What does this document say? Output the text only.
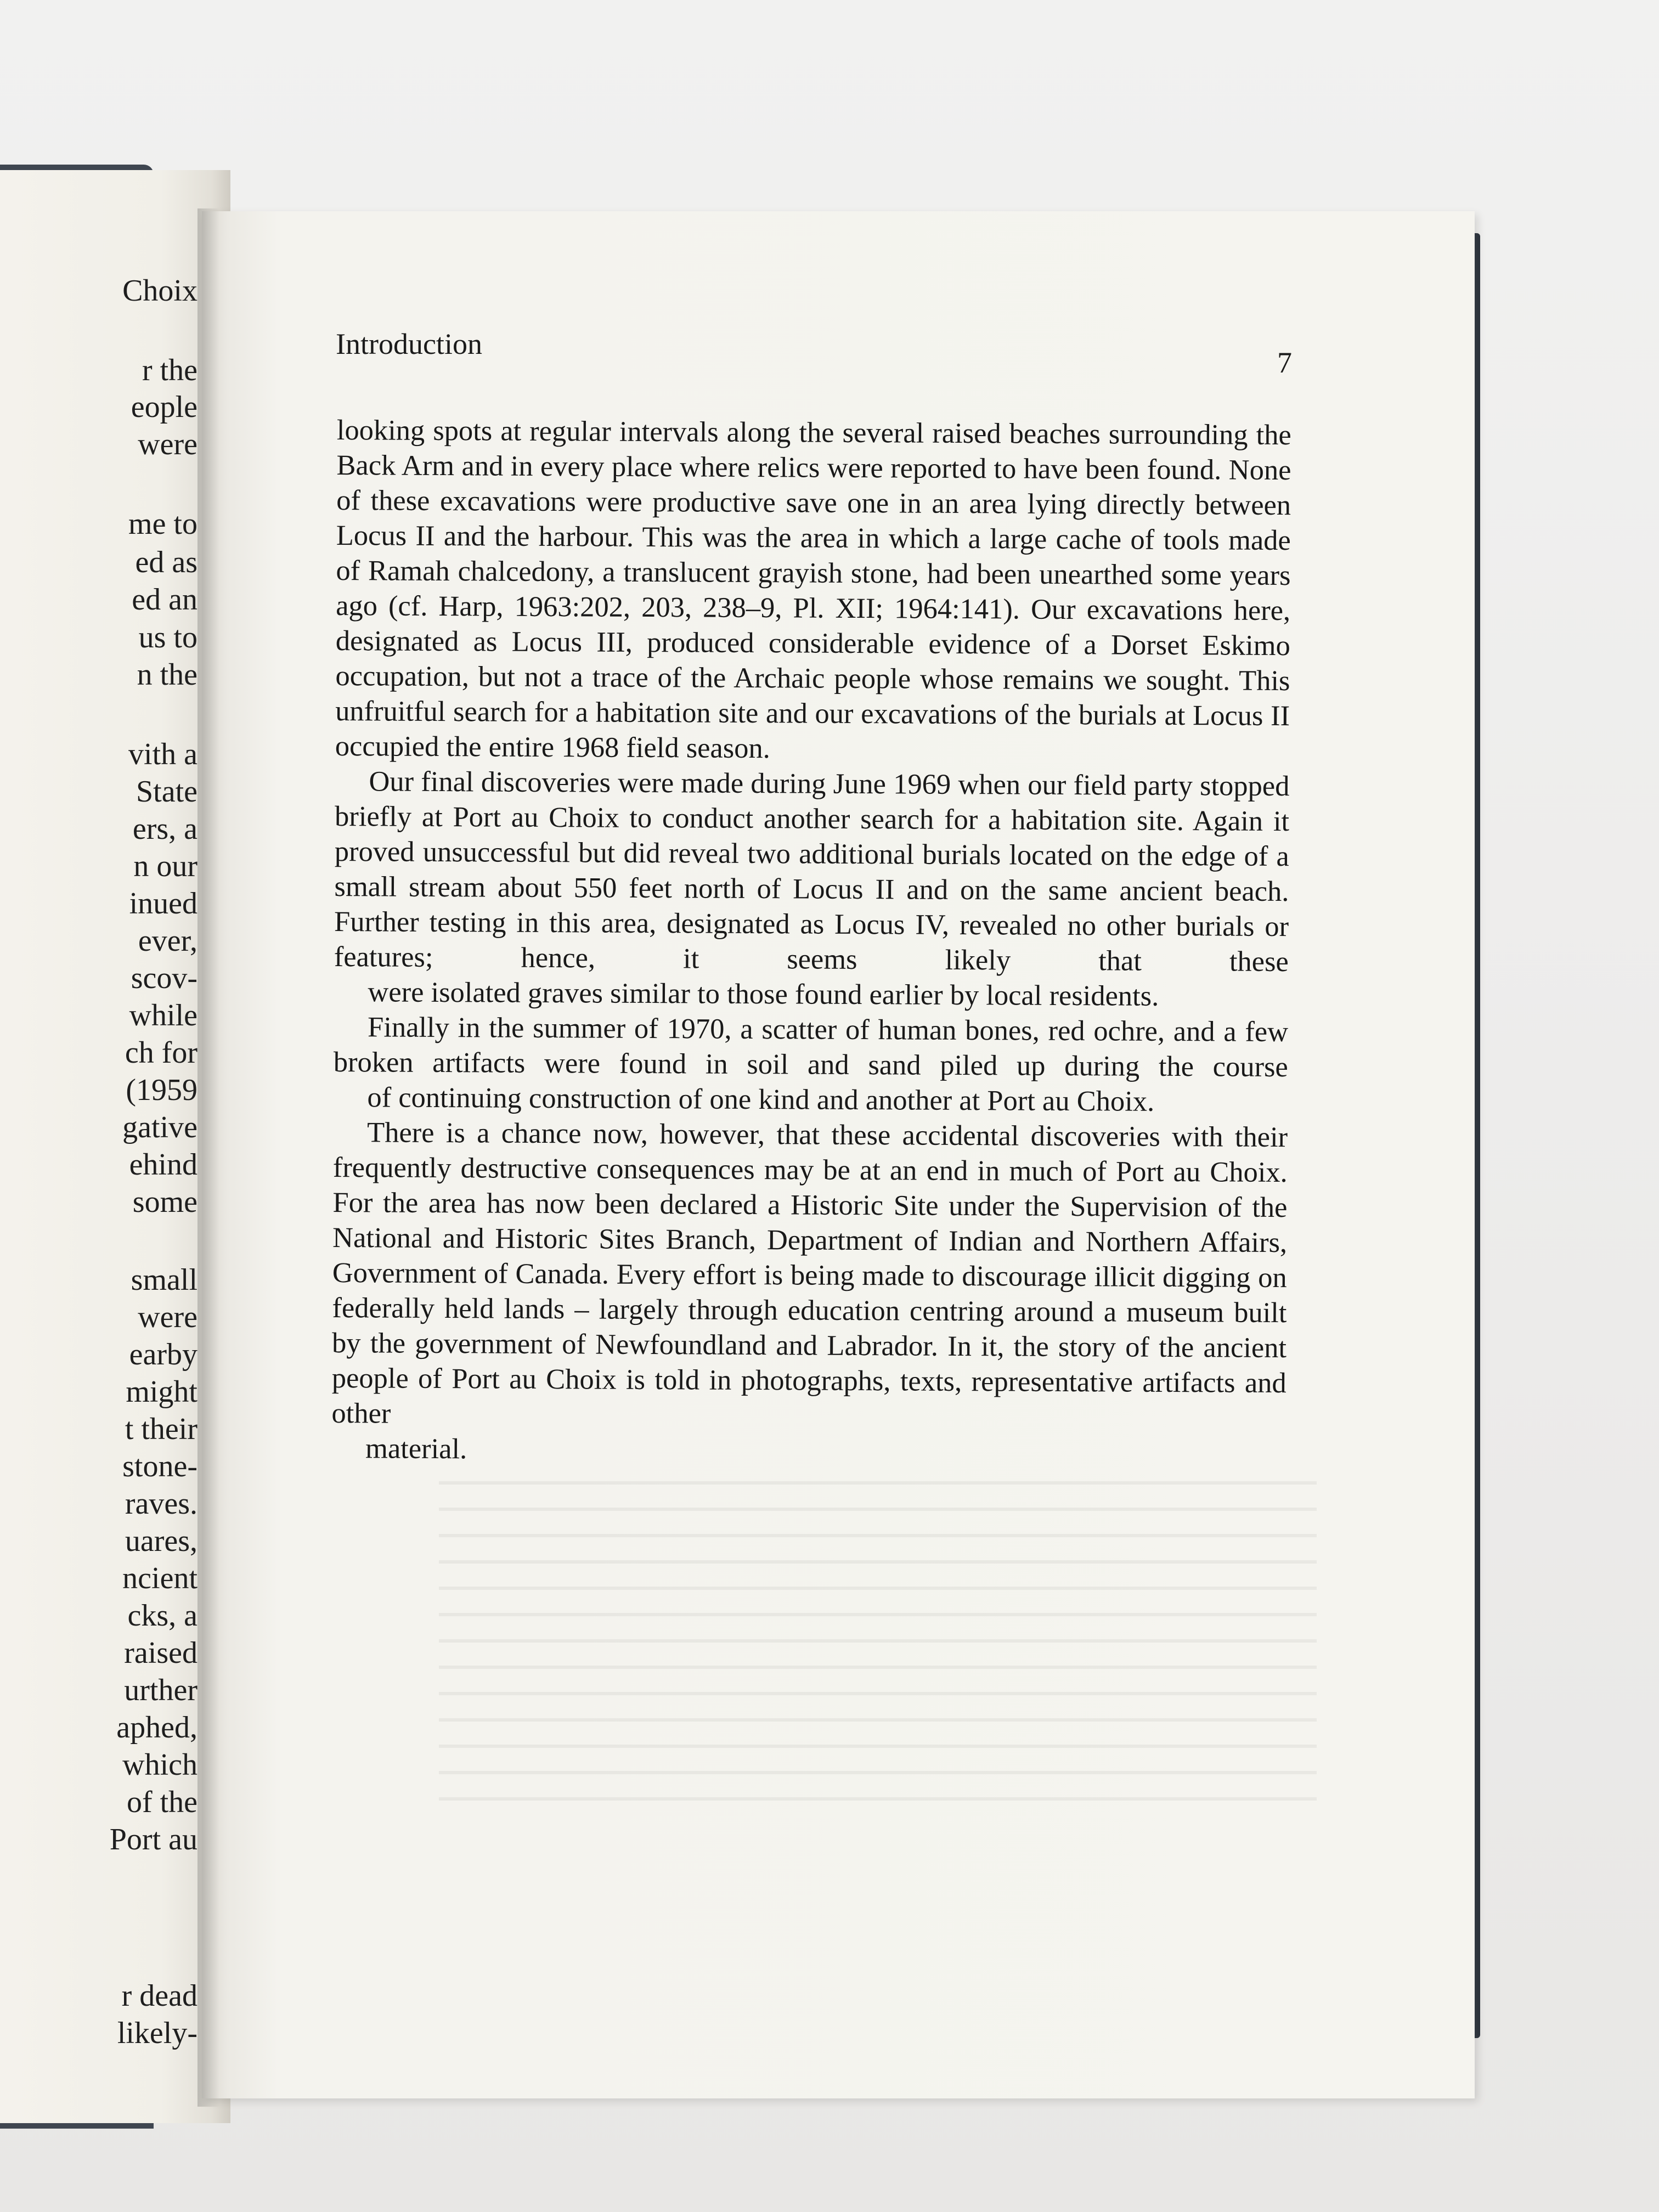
Choix
r the
eople
were
me to
ed as
ed an
us to
n the
vith a
State
ers, a
n our
inued
ever,
scov-
while
ch for
(1959
gative
ehind
some
small
were
earby
might
t their
stone-
raves.
uares,
ncient
cks, a
raised
urther
aphed,
which
of the
Port au
r dead
likely-
Introduction
7

looking spots at regular intervals along the several raised beaches surrounding the Back Arm and in every place where relics were reported to have been found. None of these excavations were productive save one in an area lying directly between Locus II and the harbour. This was the area in which a large cache of tools made of Ramah chalcedony, a translucent grayish stone, had been unearthed some years ago (cf. Harp, 1963:202, 203, 238–9, Pl. XII; 1964:141). Our excavations here, designated as Locus III, produced considerable evidence of a Dorset Eskimo occupation, but not a trace of the Archaic people whose remains we sought. This unfruitful search for a habitation site and our excavations of the burials at Locus II
occupied the entire 1968 field season.

Our final discoveries were made during June 1969 when our field party stopped briefly at Port au Choix to conduct another search for a habitation site. Again it proved unsuccessful but did reveal two additional burials located on the edge of a small stream about 550 feet north of Locus II and on the same ancient beach. Further testing in this area, designated as Locus IV, revealed no other burials or features; hence, it seems likely that these
were isolated graves similar to those found earlier by local residents.

Finally in the summer of 1970, a scatter of human bones, red ochre, and a few broken artifacts were found in soil and sand piled up during the course
of continuing construction of one kind and another at Port au Choix.

There is a chance now, however, that these accidental discoveries with their frequently destructive consequences may be at an end in much of Port au Choix. For the area has now been declared a Historic Site under the Supervision of the National and Historic Sites Branch, Department of Indian and Northern Affairs, Government of Canada. Every effort is being made to discourage illicit digging on federally held lands – largely through education centring around a museum built by the government of Newfoundland and Labrador. In it, the story of the ancient people of Port au Choix is told in photographs, texts, representative artifacts and other
material.
